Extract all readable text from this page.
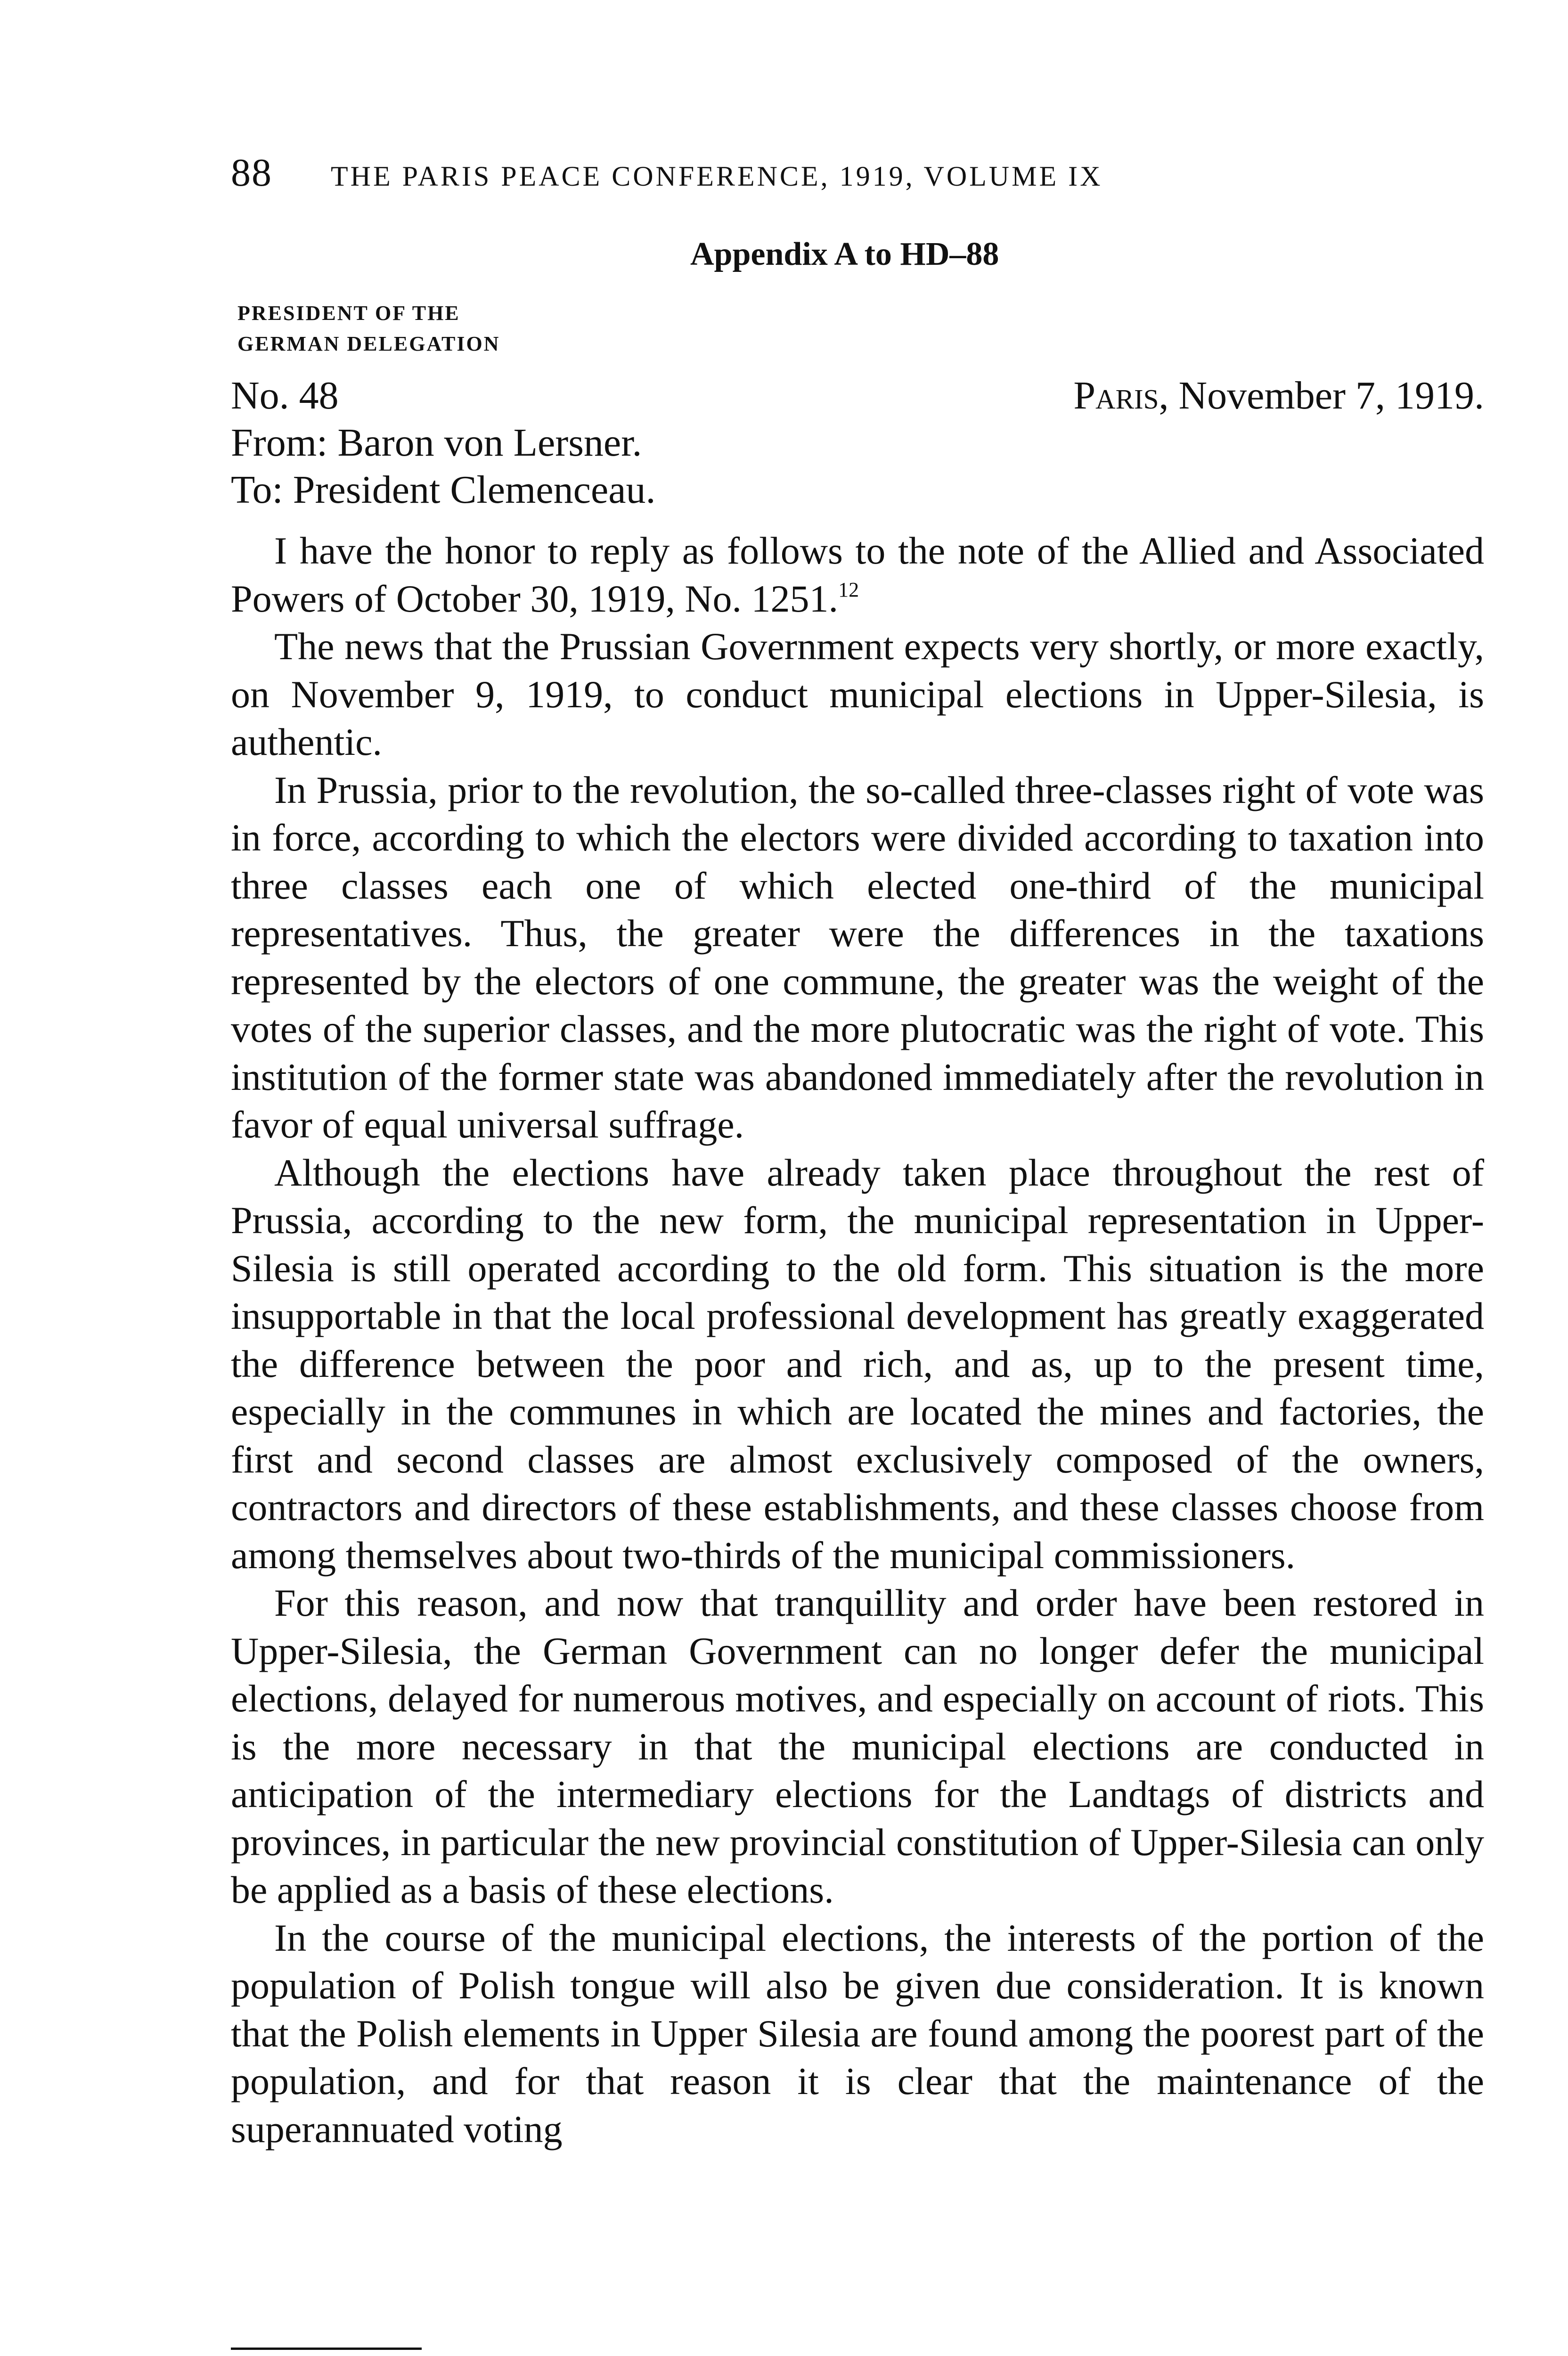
88 THE PARIS PEACE CONFERENCE, 1919, VOLUME IX
Appendix A to HD–88
PRESIDENT OF THE
GERMAN DELEGATION
No. 48	Paris, November 7, 1919.
From: Baron von Lersner.
To: President Clemenceau.

I have the honor to reply as follows to the note of the Allied and Associated Powers of October 30, 1919, No. 1251.12

The news that the Prussian Government expects very shortly, or more exactly, on November 9, 1919, to conduct municipal elections in Upper-Silesia, is authentic.

In Prussia, prior to the revolution, the so-called three-classes right of vote was in force, according to which the electors were divided according to taxation into three classes each one of which elected one-third of the municipal representatives. Thus, the greater were the differences in the taxations represented by the electors of one commune, the greater was the weight of the votes of the superior classes, and the more plutocratic was the right of vote. This institution of the former state was abandoned immediately after the revolution in favor of equal universal suffrage.

Although the elections have already taken place throughout the rest of Prussia, according to the new form, the municipal representation in Upper-Silesia is still operated according to the old form. This situation is the more insupportable in that the local professional development has greatly exaggerated the difference between the poor and rich, and as, up to the present time, especially in the communes in which are located the mines and factories, the first and second classes are almost exclusively composed of the owners, contractors and directors of these establishments, and these classes choose from among themselves about two-thirds of the municipal commissioners.

For this reason, and now that tranquillity and order have been restored in Upper-Silesia, the German Government can no longer defer the municipal elections, delayed for numerous motives, and especially on account of riots. This is the more necessary in that the municipal elections are conducted in anticipation of the intermediary elections for the Landtags of districts and provinces, in particular the new provincial constitution of Upper-Silesia can only be applied as a basis of these elections.

In the course of the municipal elections, the interests of the portion of the population of Polish tongue will also be given due consideration. It is known that the Polish elements in Upper Silesia are found among the poorest part of the population, and for that reason it is clear that the maintenance of the superannuated voting
